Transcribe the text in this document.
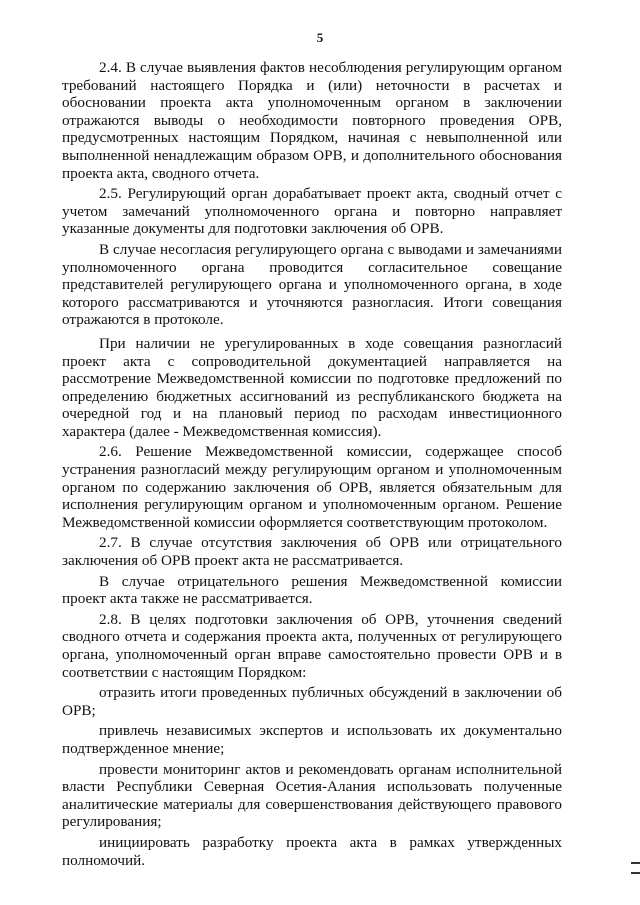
5

2.4. В случае выявления фактов несоблюдения регулирующим органом требований настоящего Порядка и (или) неточности в расчетах и обосновании проекта акта уполномоченным органом в заключении отражаются выводы о необходимости повторного проведения ОРВ, предусмотренных настоящим Порядком, начиная с невыполненной или выполненной ненадлежащим образом ОРВ, и дополнительного обоснования проекта акта, сводного отчета.

2.5. Регулирующий орган дорабатывает проект акта, сводный отчет с учетом замечаний уполномоченного органа и повторно направляет указанные документы для подготовки заключения об ОРВ.

В случае несогласия регулирующего органа с выводами и замечаниями уполномоченного органа проводится согласительное совещание представителей регулирующего органа и уполномоченного органа, в ходе которого рассматриваются и уточняются разногласия. Итоги совещания отражаются в протоколе.

При наличии не урегулированных в ходе совещания разногласий проект акта с сопроводительной документацией направляется на рассмотрение Межведомственной комиссии по подготовке предложений по определению бюджетных ассигнований из республиканского бюджета на очередной год и на плановый период по расходам инвестиционного характера (далее - Межведомственная комиссия).

2.6. Решение Межведомственной комиссии, содержащее способ устранения разногласий между регулирующим органом и уполномоченным органом по содержанию заключения об ОРВ, является обязательным для исполнения регулирующим органом и уполномоченным органом. Решение Межведомственной комиссии оформляется соответствующим протоколом.

2.7. В случае отсутствия заключения об ОРВ или отрицательного заключения об ОРВ проект акта не рассматривается.

В случае отрицательного решения Межведомственной комиссии проект акта также не рассматривается.

2.8. В целях подготовки заключения об ОРВ, уточнения сведений сводного отчета и содержания проекта акта, полученных от регулирующего органа, уполномоченный орган вправе самостоятельно провести ОРВ и в соответствии с настоящим Порядком:

отразить итоги проведенных публичных обсуждений в заключении об ОРВ;

привлечь независимых экспертов и использовать их документально подтвержденное мнение;

провести мониторинг актов и рекомендовать органам исполнительной власти Республики Северная Осетия-Алания использовать полученные аналитические материалы для совершенствования действующего правового регулирования;

инициировать разработку проекта акта в рамках утвержденных полномочий.
